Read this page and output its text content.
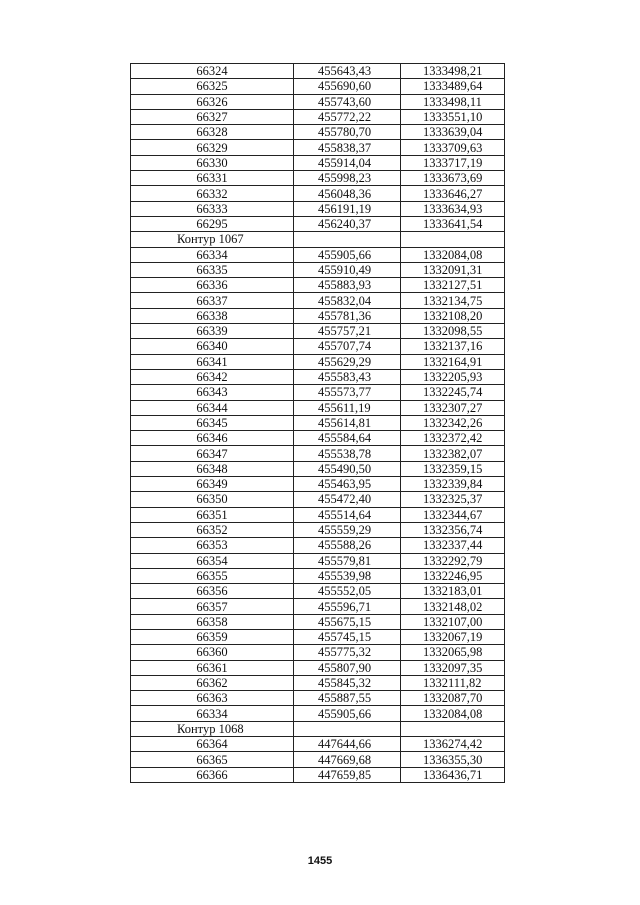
66324	455643,43	1333498,21
66325	455690,60	1333489,64
66326	455743,60	1333498,11
66327	455772,22	1333551,10
66328	455780,70	1333639,04
66329	455838,37	1333709,63
66330	455914,04	1333717,19
66331	455998,23	1333673,69
66332	456048,36	1333646,27
66333	456191,19	1333634,93
66295	456240,37	1333641,54
Контур 1067		
66334	455905,66	1332084,08
66335	455910,49	1332091,31
66336	455883,93	1332127,51
66337	455832,04	1332134,75
66338	455781,36	1332108,20
66339	455757,21	1332098,55
66340	455707,74	1332137,16
66341	455629,29	1332164,91
66342	455583,43	1332205,93
66343	455573,77	1332245,74
66344	455611,19	1332307,27
66345	455614,81	1332342,26
66346	455584,64	1332372,42
66347	455538,78	1332382,07
66348	455490,50	1332359,15
66349	455463,95	1332339,84
66350	455472,40	1332325,37
66351	455514,64	1332344,67
66352	455559,29	1332356,74
66353	455588,26	1332337,44
66354	455579,81	1332292,79
66355	455539,98	1332246,95
66356	455552,05	1332183,01
66357	455596,71	1332148,02
66358	455675,15	1332107,00
66359	455745,15	1332067,19
66360	455775,32	1332065,98
66361	455807,90	1332097,35
66362	455845,32	1332111,82
66363	455887,55	1332087,70
66334	455905,66	1332084,08
Контур 1068		
66364	447644,66	1336274,42
66365	447669,68	1336355,30
66366	447659,85	1336436,71
1455
